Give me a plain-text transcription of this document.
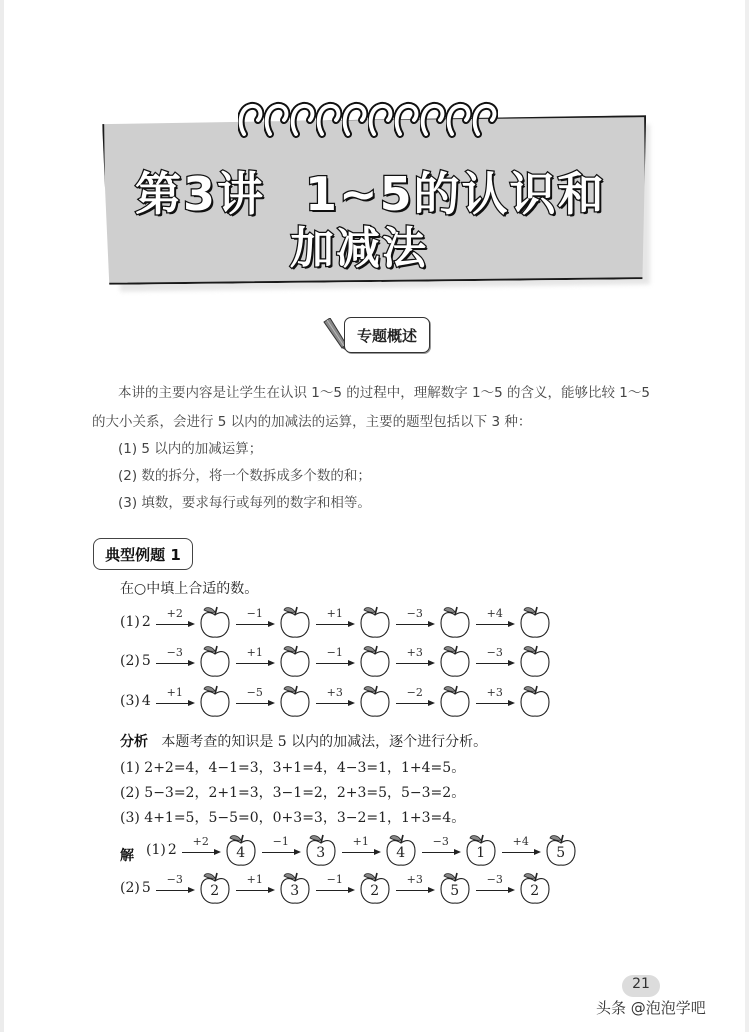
第3讲 1~5的认识和
加减法
专题概述
本讲的主要内容是让学生在认识 1～5 的过程中，理解数字 1～5 的含义，能够比较 1～5
的大小关系，会进行 5 以内的加减法的运算，主要的题型包括以下 3 种：
(1) 5 以内的加减运算；
(2) 数的拆分，将一个数拆成多个数的和；
(3) 填数，要求每行或每列的数字和相等。
典型例题 1
在○中填上合适的数。
(1) 2
+2	−1	+1	−3	+4
(2) 5
−3	+1	−1	+3	−3
(3) 4
+1	−5	+3	−2	+3
分析 本题考查的知识是 5 以内的加减法，逐个进行分析。
(1) 2+2=4，4−1=3，3+1=4，4−3=1，1+4=5。
(2) 5−3=2，2+1=3，3−1=2，2+3=5，5−3=2。
(3) 4+1=5，5−5=0，0+3=3，3−2=1，1+3=4。
解 (1) 2
+2
4
−1
3
+1
4
−3
1
+4
5
(2) 5
−3
2
+1
3
−1
2
+3
5
−3
2
21
头条 @泡泡学吧
